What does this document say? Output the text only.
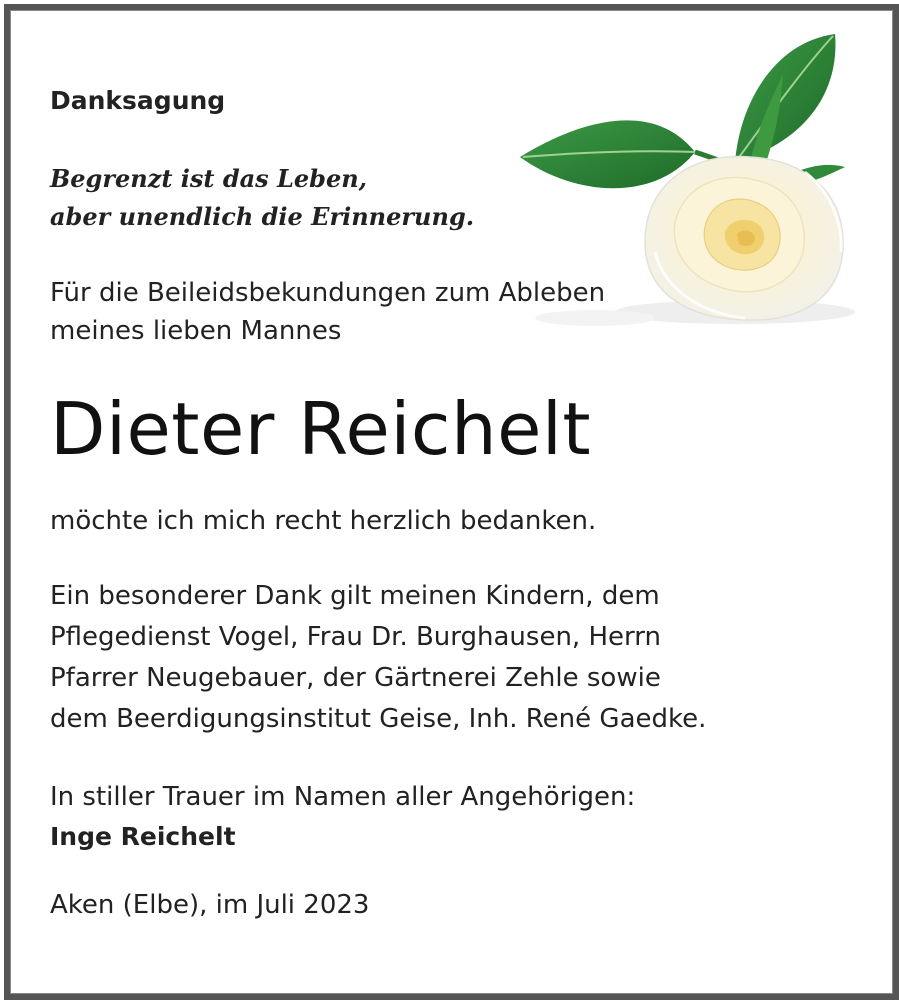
Danksagung
Begrenzt ist das Leben,
aber unendlich die Erinnerung.
Für die Beileidsbekundungen zum Ableben
meines lieben Mannes
Dieter Reichelt
möchte ich mich recht herzlich bedanken.
Ein besonderer Dank gilt meinen Kindern, dem
Pflegedienst Vogel, Frau Dr. Burghausen, Herrn
Pfarrer Neugebauer, der Gärtnerei Zehle sowie
dem Beerdigungsinstitut Geise, Inh. René Gaedke.
In stiller Trauer im Namen aller Angehörigen:
Inge Reichelt
Aken (Elbe), im Juli 2023
